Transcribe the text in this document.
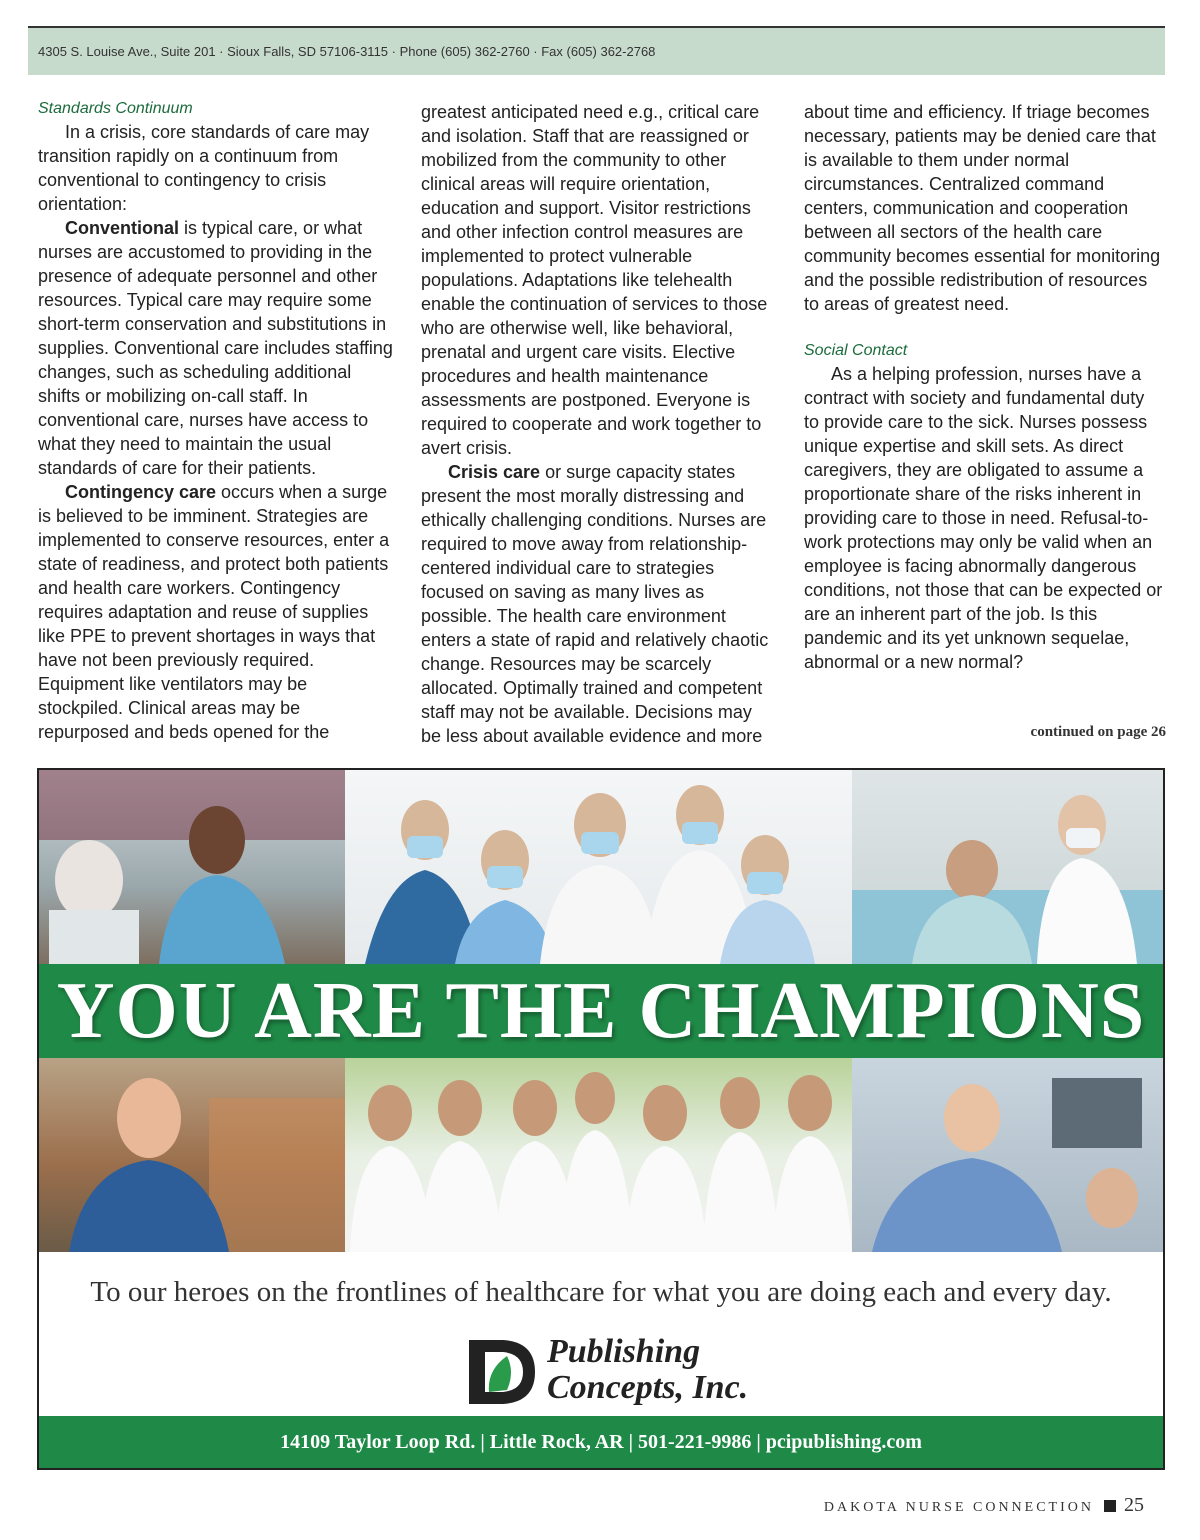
4305 S. Louise Ave., Suite 201 · Sioux Falls, SD 57106-3115 · Phone (605) 362-2760 · Fax (605) 362-2768

Standards Continuum

In a crisis, core standards of care may transition rapidly on a continuum from conventional to contingency to crisis orientation:

Conventional is typical care, or what nurses are accustomed to providing in the presence of adequate personnel and other resources. Typical care may require some short-term conservation and substitutions in supplies. Conventional care includes staffing changes, such as scheduling additional shifts or mobilizing on-call staff. In conventional care, nurses have access to what they need to maintain the usual standards of care for their patients.

Contingency care occurs when a surge is believed to be imminent. Strategies are implemented to conserve resources, enter a state of readiness, and protect both patients and health care workers. Contingency requires adaptation and reuse of supplies like PPE to prevent shortages in ways that have not been previously required. Equipment like ventilators may be stockpiled. Clinical areas may be repurposed and beds opened for the

greatest anticipated need e.g., critical care and isolation. Staff that are reassigned or mobilized from the community to other clinical areas will require orientation, education and support. Visitor restrictions and other infection control measures are implemented to protect vulnerable populations. Adaptations like telehealth enable the continuation of services to those who are otherwise well, like behavioral, prenatal and urgent care visits. Elective procedures and health maintenance assessments are postponed. Everyone is required to cooperate and work together to avert crisis.

Crisis care or surge capacity states present the most morally distressing and ethically challenging conditions. Nurses are required to move away from relationship-centered individual care to strategies focused on saving as many lives as possible. The health care environment enters a state of rapid and relatively chaotic change. Resources may be scarcely allocated. Optimally trained and competent staff may not be available. Decisions may be less about available evidence and more

about time and efficiency. If triage becomes necessary, patients may be denied care that is available to them under normal circumstances. Centralized command centers, communication and cooperation between all sectors of the health care community becomes essential for monitoring and the possible redistribution of resources to areas of greatest need.

Social Contact

As a helping profession, nurses have a contract with society and fundamental duty to provide care to the sick. Nurses possess unique expertise and skill sets. As direct caregivers, they are obligated to assume a proportionate share of the risks inherent in providing care to those in need. Refusal-to-work protections may only be valid when an employee is facing abnormally dangerous conditions, not those that can be expected or are an inherent part of the job. Is this pandemic and its yet unknown sequelae, abnormal or a new normal?

continued on page 26
YOU ARE THE CHAMPIONS
To our heroes on the frontlines of healthcare for what you are doing each and every day.
Publishing
Concepts, Inc.
14109 Taylor Loop Rd. | Little Rock, AR | 501-221-9986 | pcipublishing.com
DAKOTA NURSE CONNECTION 25
